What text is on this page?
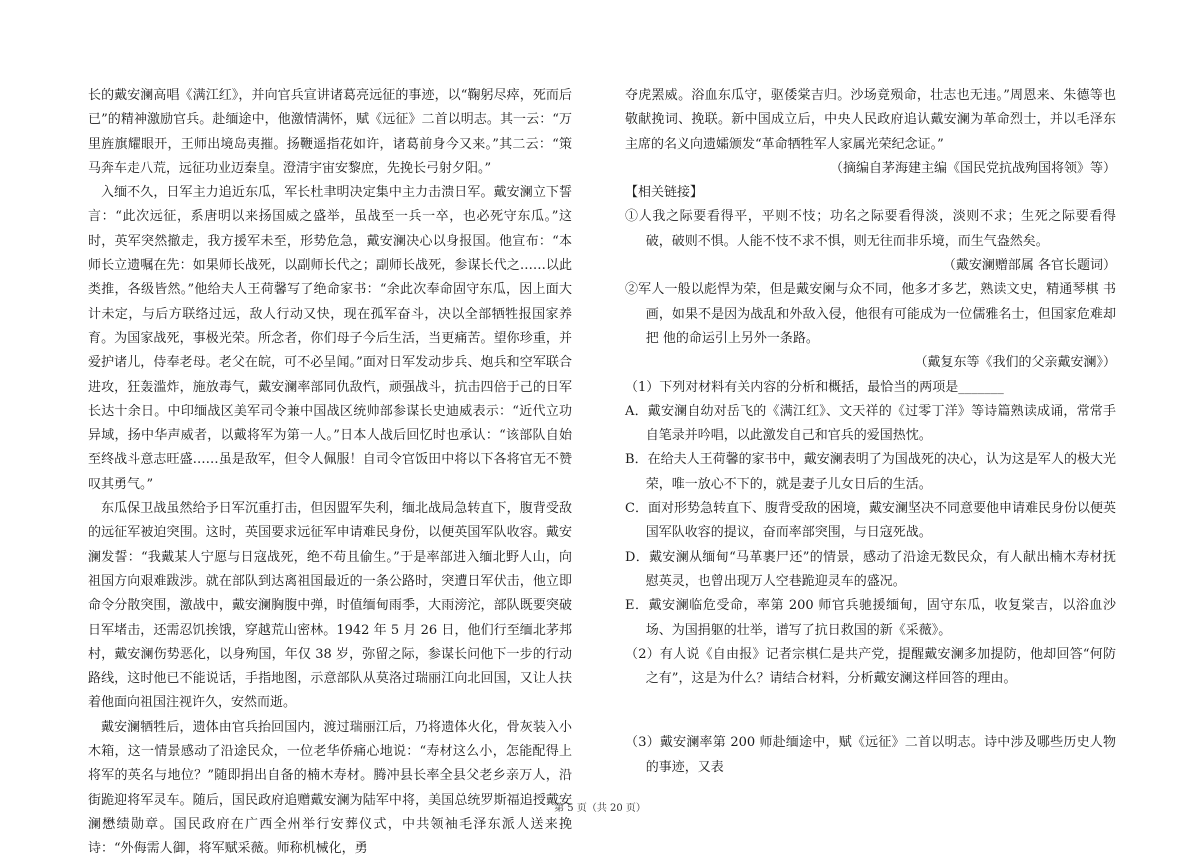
长的戴安澜高唱《满江红》，并向官兵宣讲诸葛亮远征的事迹，以“鞠躬尽瘁，死而后已”的精神激励官兵。赴缅途中，他激情满怀，赋《远征》二首以明志。其一云：“万里旌旗耀眼开，王师出境岛夷摧。扬鞭遥指花如许，诸葛前身今又来。”其二云：“策马奔车走八荒，远征功业迈秦皇。澄清宇宙安黎庶，先挽长弓射夕阳。”

入缅不久，日军主力追近东瓜，军长杜聿明决定集中主力击溃日军。戴安澜立下誓言：“此次远征，系唐明以来扬国威之盛举，虽战至一兵一卒，也必死守东瓜。”这时，英军突然撤走，我方援军未至，形势危急，戴安澜决心以身报国。他宣布：“本师长立遗嘱在先：如果师长战死，以副师长代之；副师长战死，参谋长代之……以此类推，各级皆然。”他给夫人王荷馨写了绝命家书：“余此次奉命固守东瓜，因上面大计未定，与后方联络过远，敌人行动又快，现在孤军奋斗，决以全部牺牲报国家养育。为国家战死，事极光荣。所念者，你们母子今后生活，当更痛苦。望你珍重，并爱护诸儿，侍奉老母。老父在皖，可不必呈闻。”面对日军发动步兵、炮兵和空军联合进攻，狂轰滥炸，施放毒气，戴安澜率部同仇敌忾，顽强战斗，抗击四倍于己的日军长达十余日。中印缅战区美军司令兼中国战区统帅部参谋长史迪威表示：“近代立功异域，扬中华声威者，以戴将军为第一人。”日本人战后回忆时也承认：“该部队自始至终战斗意志旺盛……虽是敌军，但令人佩服！自司令官饭田中将以下各将官无不赞叹其勇气。”

东瓜保卫战虽然给予日军沉重打击，但因盟军失利，缅北战局急转直下，腹背受敌的远征军被迫突围。这时，英国要求远征军申请难民身份，以便英国军队收容。戴安澜发誓：“我戴某人宁愿与日寇战死，绝不苟且偷生。”于是率部进入缅北野人山，向祖国方向艰难跋涉。就在部队到达离祖国最近的一条公路时，突遭日军伏击，他立即命令分散突围，激战中，戴安澜胸腹中弹，时值缅甸雨季，大雨滂沱，部队既要突破日军堵击，还需忍饥挨饿，穿越荒山密林。1942 年 5 月 26 日，他们行至缅北茅邦村，戴安澜伤势恶化，以身殉国，年仅 38 岁，弥留之际，参谋长问他下一步的行动路线，这时他已不能说话，手指地图，示意部队从莫洛过瑞丽江向北回国，又让人扶着他面向祖国注视许久，安然而逝。

戴安澜牺牲后，遗体由官兵抬回国内，渡过瑞丽江后，乃将遗体火化，骨灰装入小木箱，这一情景感动了沿途民众，一位老华侨痛心地说：“寿材这么小，怎能配得上将军的英名与地位？”随即捐出自备的楠木寿材。腾冲县长率全县父老乡亲万人，沿街跪迎将军灵车。随后，国民政府追赠戴安澜为陆军中将，美国总统罗斯福追授戴安澜懋绩勋章。国民政府在广西全州举行安葬仪式，中共领袖毛泽东派人送来挽诗：“外侮需人御，将军赋采薇。师称机械化，勇

夺虎罴威。浴血东瓜守，驱倭棠吉归。沙场竟殒命，壮志也无违。”周恩来、朱德等也敬献挽词、挽联。新中国成立后，中央人民政府追认戴安澜为革命烈士，并以毛泽东主席的名义向遗孀颁发“革命牺牲军人家属光荣纪念证。”

（摘编自茅海建主编《国民党抗战殉国将领》等）

【相关链接】

①人我之际要看得平，平则不忮；功名之际要看得淡，淡则不求；生死之际要看得 破，破则不惧。人能不忮不求不惧，则无往而非乐境，而生气盎然矣。

（戴安澜赠部属 各官长题词）

②军人一般以彪悍为荣，但是戴安阑与众不同，他多才多艺，熟读文史，精通琴棋 书画，如果不是因为战乱和外敌入侵，他很有可能成为一位儒雅名士，但国家危难却把 他的命运引上另外一条路。

（戴复东等《我们的父亲戴安澜》）

（1）下列对材料有关内容的分析和概括，最恰当的两项是_______

A．戴安澜自幼对岳飞的《满江红》、文天祥的《过零丁洋》等诗篇熟读成诵，常常手自笔录并吟唱，以此激发自己和官兵的爱国热忱。

B．在给夫人王荷馨的家书中，戴安澜表明了为国战死的决心，认为这是军人的极大光荣，唯一放心不下的，就是妻子儿女日后的生活。

C．面对形势急转直下、腹背受敌的困境，戴安澜坚决不同意要他申请难民身份以便英国军队收容的提议，奋而率部突围，与日寇死战。

D．戴安澜从缅甸“马革裹尸还”的情景，感动了沿途无数民众，有人献出楠木寿材抚慰英灵，也曾出现万人空巷跪迎灵车的盛况。

E．戴安澜临危受命，率第 200 师官兵驰援缅甸，固守东瓜，收复棠吉，以浴血沙场、为国捐躯的壮举，谱写了抗日救国的新《采薇》。

（2）有人说《自由报》记者宗棋仁是共产党，提醒戴安澜多加提防，他却回答“何防之有”，这是为什么？请结合材料，分析戴安澜这样回答的理由。

（3）戴安澜率第 200 师赴缅途中，赋《远征》二首以明志。诗中涉及哪些历史人物的事迹，又表

第 5 页（共 20 页）
